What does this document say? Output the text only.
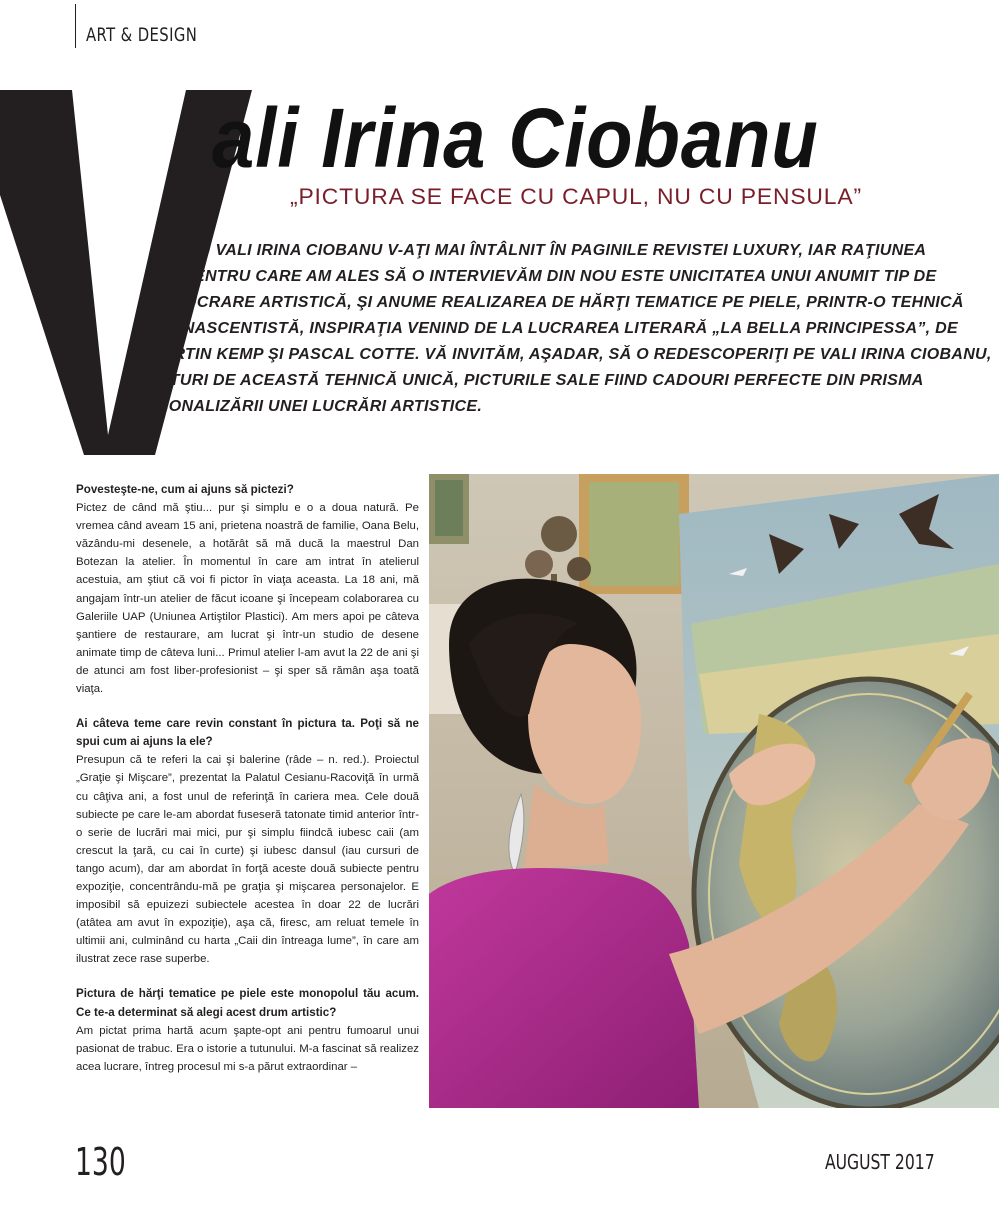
ART & DESIGN
ali Irina Ciobanu
„PICTURA SE FACE CU CAPUL, NU CU PENSULA”
CU VALI IRINA CIOBANU V-AŢI MAI ÎNTÂLNIT ÎN PAGINILE REVISTEI LUXURY, IAR RAŢIUNEA
PENTRU CARE AM ALES SĂ O INTERVIEVĂM DIN NOU ESTE UNICITATEA UNUI ANUMIT TIP DE
LUCRARE ARTISTICĂ, ŞI ANUME REALIZAREA DE HĂRŢI TEMATICE PE PIELE, PRINTR-O TEHNICĂ
RENASCENTISTĂ, INSPIRAŢIA VENIND DE LA LUCRAREA LITERARĂ „LA BELLA PRINCIPESSA”, DE
MARTIN KEMP ŞI PASCAL COTTE. VĂ INVITĂM, AŞADAR, SĂ O REDESCOPERIŢI PE VALI IRINA CIOBANU,
ALĂTURI DE ACEASTĂ TEHNICĂ UNICĂ, PICTURILE SALE FIIND CADOURI PERFECTE DIN PRISMA
PERSONALIZĂRII UNEI LUCRĂRI ARTISTICE.

Povesteşte-ne, cum ai ajuns să pictezi?
Pictez de când mă ştiu... pur şi simplu e o a doua natură. Pe vremea când aveam 15 ani, prietena noastră de familie, Oana Belu, văzându-mi desenele, a hotărât să mă ducă la maestrul Dan Botezan la atelier. În momentul în care am intrat în atelierul acestuia, am ştiut că voi fi pictor în viaţa aceasta. La 18 ani, mă angajam într-un atelier de făcut icoane şi începeam colaborarea cu Galeriile UAP (Uniunea Artiştilor Plastici). Am mers apoi pe câteva şantiere de restaurare, am lucrat şi într-un studio de desene animate timp de câteva luni... Primul atelier l-am avut la 22 de ani şi de atunci am fost liber-profesionist – şi sper să rămân aşa toată viaţa.

Ai câteva teme care revin constant în pictura ta. Poţi să ne spui cum ai ajuns la ele?
Presupun că te referi la cai şi balerine (râde – n. red.). Proiectul „Graţie şi Mişcare”, prezentat la Palatul Cesianu-Racoviţă în urmă cu câţiva ani, a fost unul de referinţă în cariera mea. Cele două subiecte pe care le-am abordat fuseseră tatonate timid anterior într-o serie de lucrări mai mici, pur şi simplu fiindcă iubesc caii (am crescut la ţară, cu cai în curte) şi iubesc dansul (iau cursuri de tango acum), dar am abordat în forţă aceste două subiecte pentru expoziţie, concentrându-mă pe graţia şi mişcarea personajelor. E imposibil să epuizezi subiectele acestea în doar 22 de lucrări (atâtea am avut în expoziţie), aşa că, firesc, am reluat temele în ultimii ani, culminând cu harta „Caii din întreaga lume”, în care am ilustrat zece rase superbe.

Pictura de hărţi tematice pe piele este monopolul tău acum. Ce te-a determinat să alegi acest drum artistic?
Am pictat prima hartă acum şapte-opt ani pentru fumoarul unui pasionat de trabuc. Era o istorie a tutunului. M-a fascinat să realizez acea lucrare, întreg procesul mi s-a părut extraordinar –

130	AUGUST 2017
